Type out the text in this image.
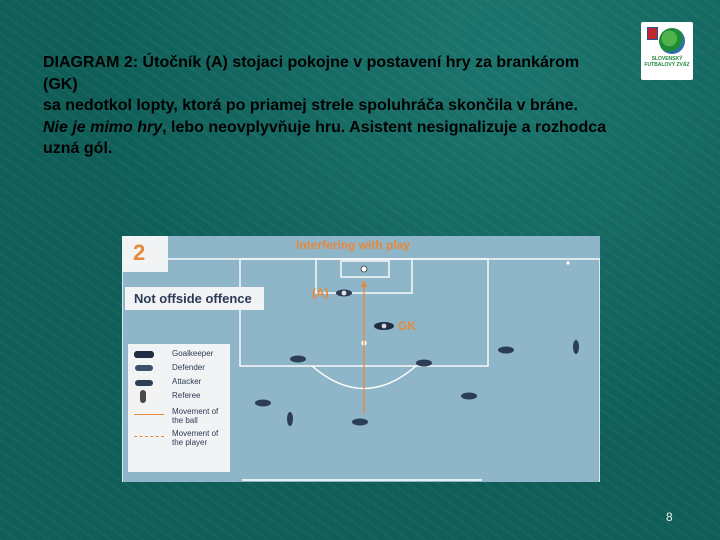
DIAGRAM 2: Útočník (A) stojaci pokojne v postavení hry za brankárom
(GK)
sa nedotkol lopty, ktorá po priamej strele spoluhráča skončila v bráne.
Nie je mimo hry, lebo neovplyvňuje hru. Asistent nesignalizuje a rozhodca
uzná gól.
SLOVENSKÝ FUTBALOVÝ ZVÄZ
2	Interfering with play
Not offside offence	(A)
GK
Goalkeeper
Defender
Attacker
Referee
Movement of the ball
Movement of the player
8
